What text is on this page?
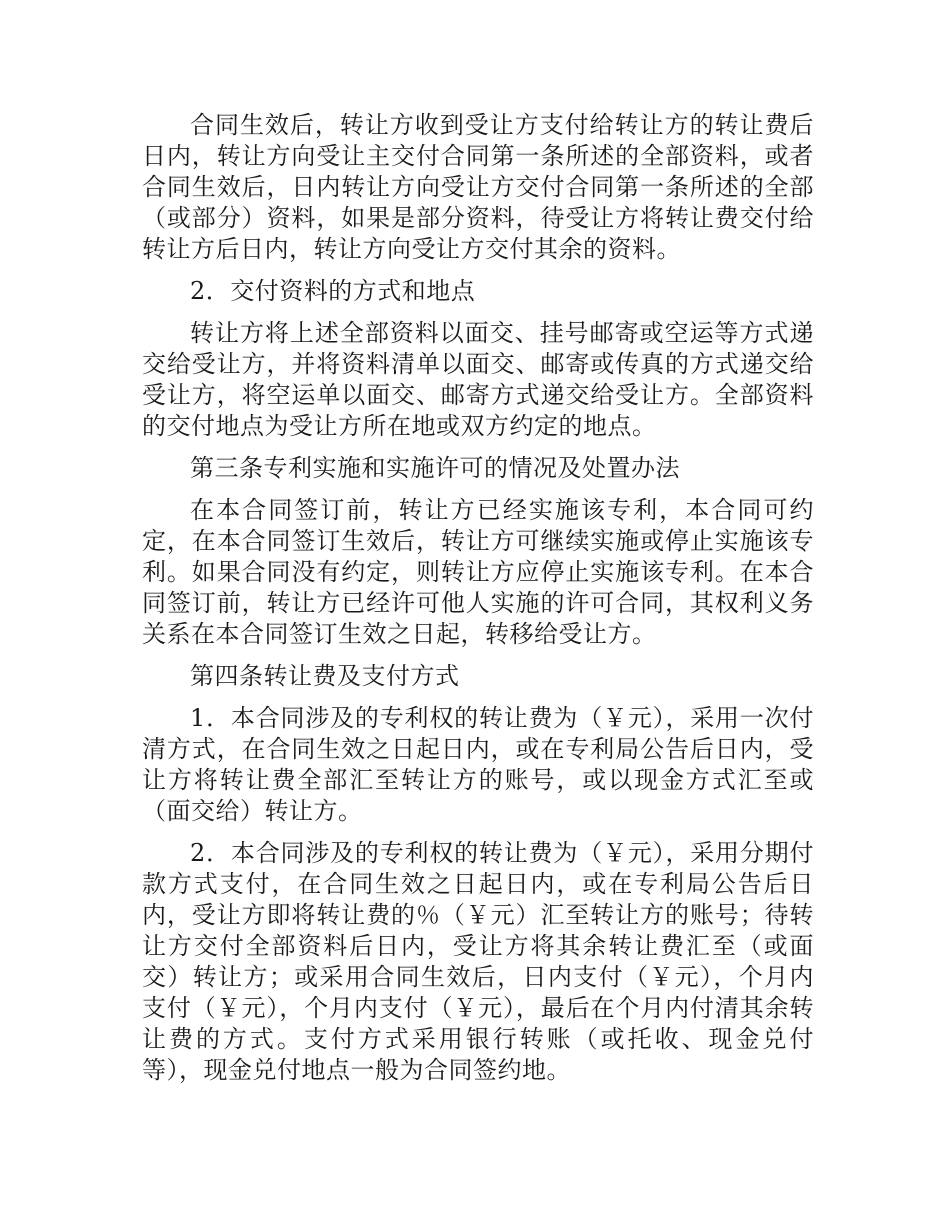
合同生效后，转让方收到受让方支付给转让方的转让费后日内，转让方向受让主交付合同第一条所述的全部资料，或者合同生效后，日内转让方向受让方交付合同第一条所述的全部（或部分）资料，如果是部分资料，待受让方将转让费交付给转让方后日内，转让方向受让方交付其余的资料。

2．交付资料的方式和地点

转让方将上述全部资料以面交、挂号邮寄或空运等方式递交给受让方，并将资料清单以面交、邮寄或传真的方式递交给受让方，将空运单以面交、邮寄方式递交给受让方。全部资料的交付地点为受让方所在地或双方约定的地点。

第三条专利实施和实施许可的情况及处置办法

在本合同签订前，转让方已经实施该专利，本合同可约定，在本合同签订生效后，转让方可继续实施或停止实施该专利。如果合同没有约定，则转让方应停止实施该专利。在本合同签订前，转让方已经许可他人实施的许可合同，其权利义务关系在本合同签订生效之日起，转移给受让方。

第四条转让费及支付方式

1．本合同涉及的专利权的转让费为（￥元），采用一次付清方式，在合同生效之日起日内，或在专利局公告后日内，受让方将转让费全部汇至转让方的账号，或以现金方式汇至或（面交给）转让方。

2．本合同涉及的专利权的转让费为（￥元），采用分期付款方式支付，在合同生效之日起日内，或在专利局公告后日内，受让方即将转让费的％（￥元）汇至转让方的账号；待转让方交付全部资料后日内，受让方将其余转让费汇至（或面交）转让方；或采用合同生效后，日内支付（￥元），个月内支付（￥元），个月内支付（￥元），最后在个月内付清其余转让费的方式。支付方式采用银行转账（或托收、现金兑付等），现金兑付地点一般为合同签约地。
